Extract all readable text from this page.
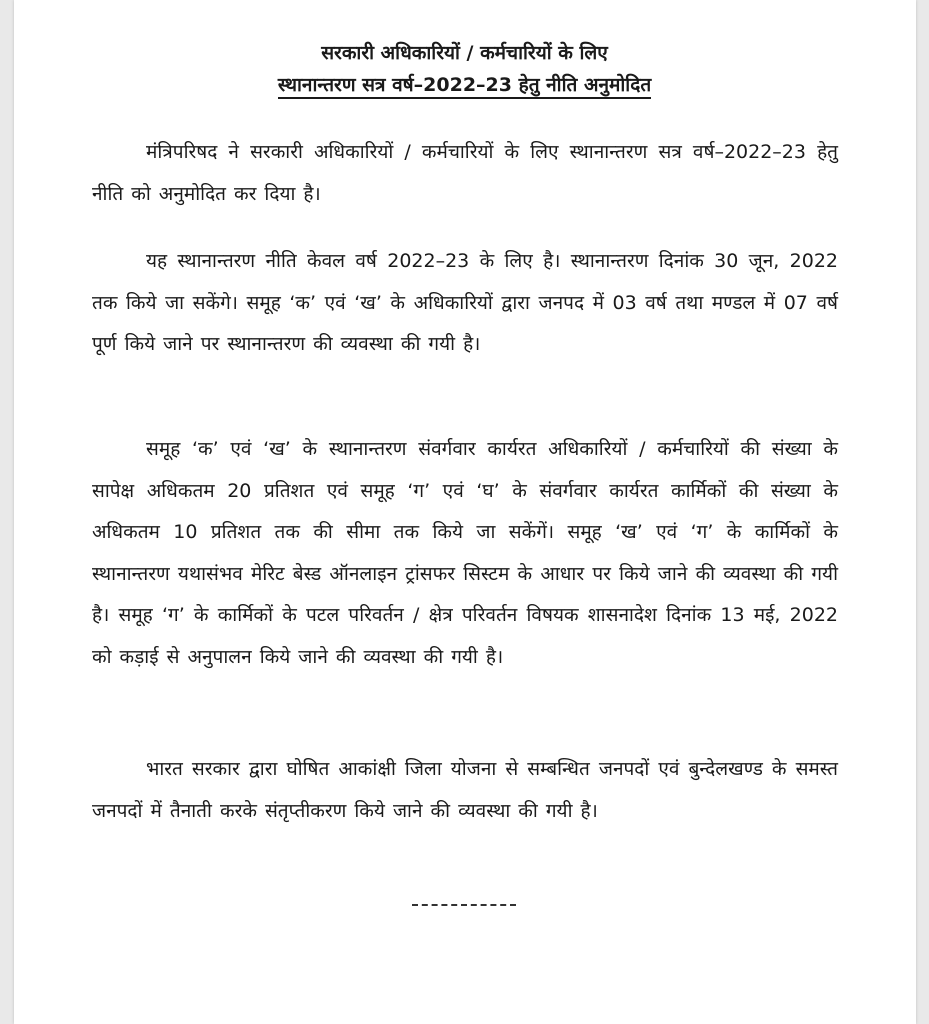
सरकारी अधिकारियों / कर्मचारियों के लिए
स्थानान्तरण सत्र वर्ष–2022–23 हेतु नीति अनुमोदित

मंत्रिपरिषद ने सरकारी अधिकारियों / कर्मचारियों के लिए स्थानान्तरण सत्र वर्ष–2022–23 हेतु नीति को अनुमोदित कर दिया है।

यह स्थानान्तरण नीति केवल वर्ष 2022–23 के लिए है। स्थानान्तरण दिनांक 30 जून, 2022 तक किये जा सकेंगे। समूह ‘क’ एवं ‘ख’ के अधिकारियों द्वारा जनपद में 03 वर्ष तथा मण्डल में 07 वर्ष पूर्ण किये जाने पर स्थानान्तरण की व्यवस्था की गयी है।

समूह ‘क’ एवं ‘ख’ के स्थानान्तरण संवर्गवार कार्यरत अधिकारियों / कर्मचारियों की संख्या के सापेक्ष अधिकतम 20 प्रतिशत एवं समूह ‘ग’ एवं ‘घ’ के संवर्गवार कार्यरत कार्मिकों की संख्या के अधिकतम 10 प्रतिशत तक की सीमा तक किये जा सकेंगें। समूह ‘ख’ एवं ‘ग’ के कार्मिकों के स्थानान्तरण यथासंभव मेरिट बेस्ड ऑनलाइन ट्रांसफर सिस्टम के आधार पर किये जाने की व्यवस्था की गयी है। समूह ‘ग’ के कार्मिकों के पटल परिवर्तन / क्षेत्र परिवर्तन विषयक शासनादेश दिनांक 13 मई, 2022 को कड़ाई से अनुपालन किये जाने की व्यवस्था की गयी है।

भारत सरकार द्वारा घोषित आकांक्षी जिला योजना से सम्बन्धित जनपदों एवं बुन्देलखण्ड के समस्त जनपदों में तैनाती करके संतृप्तीकरण किये जाने की व्यवस्था की गयी है।
